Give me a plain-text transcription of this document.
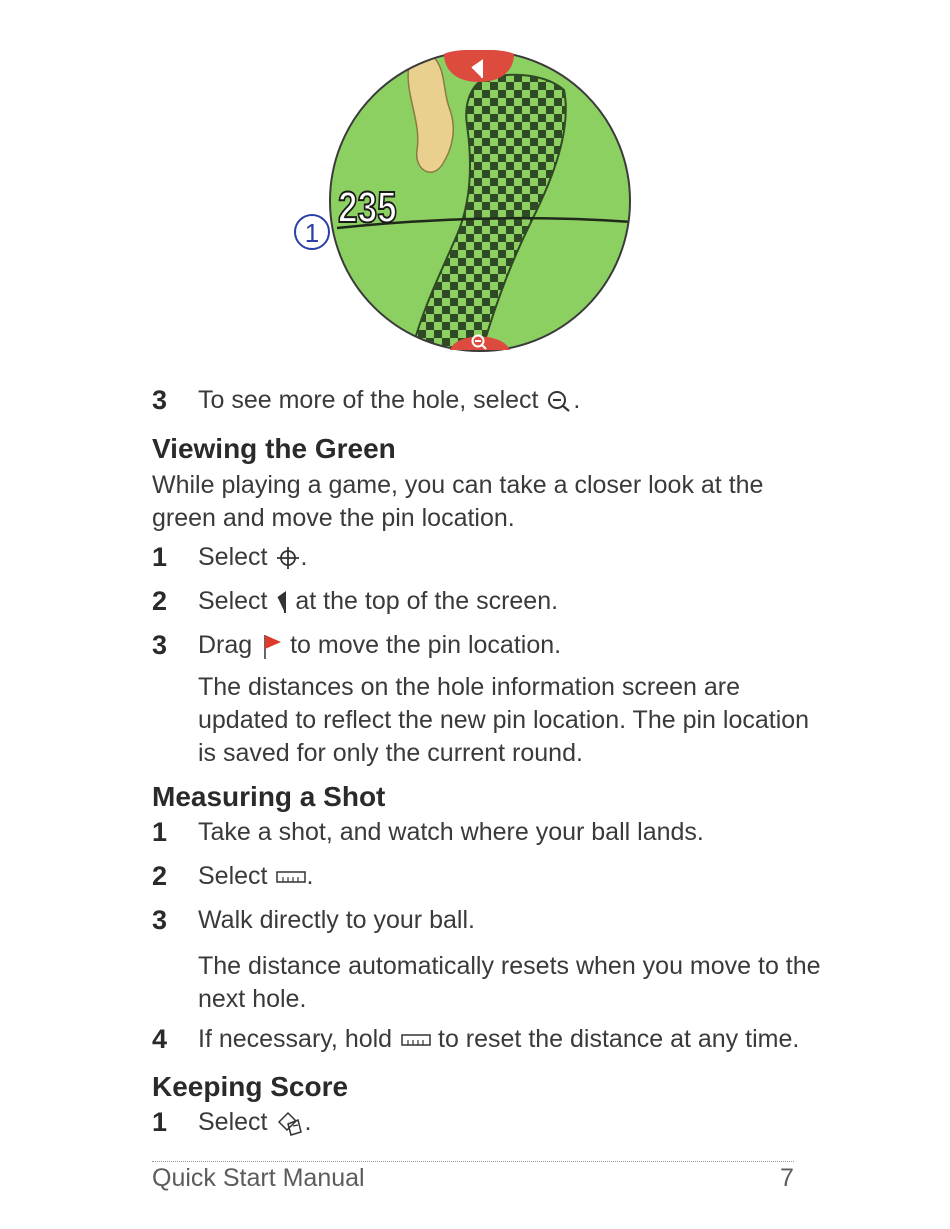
235
1
3 To see more of the hole, select .
Viewing the Green
While playing a game, you can take a closer look at the
green and move the pin location.
1 Select .
2 Select at the top of the screen.
3 Drag to move the pin location.
The distances on the hole information screen are
updated to reflect the new pin location. The pin location
is saved for only the current round.
Measuring a Shot
1 Take a shot, and watch where your ball lands.
2 Select .
3 Walk directly to your ball.
The distance automatically resets when you move to the
next hole.
4 If necessary, hold to reset the distance at any time.
Keeping Score
1 Select .
Quick Start Manual	7
